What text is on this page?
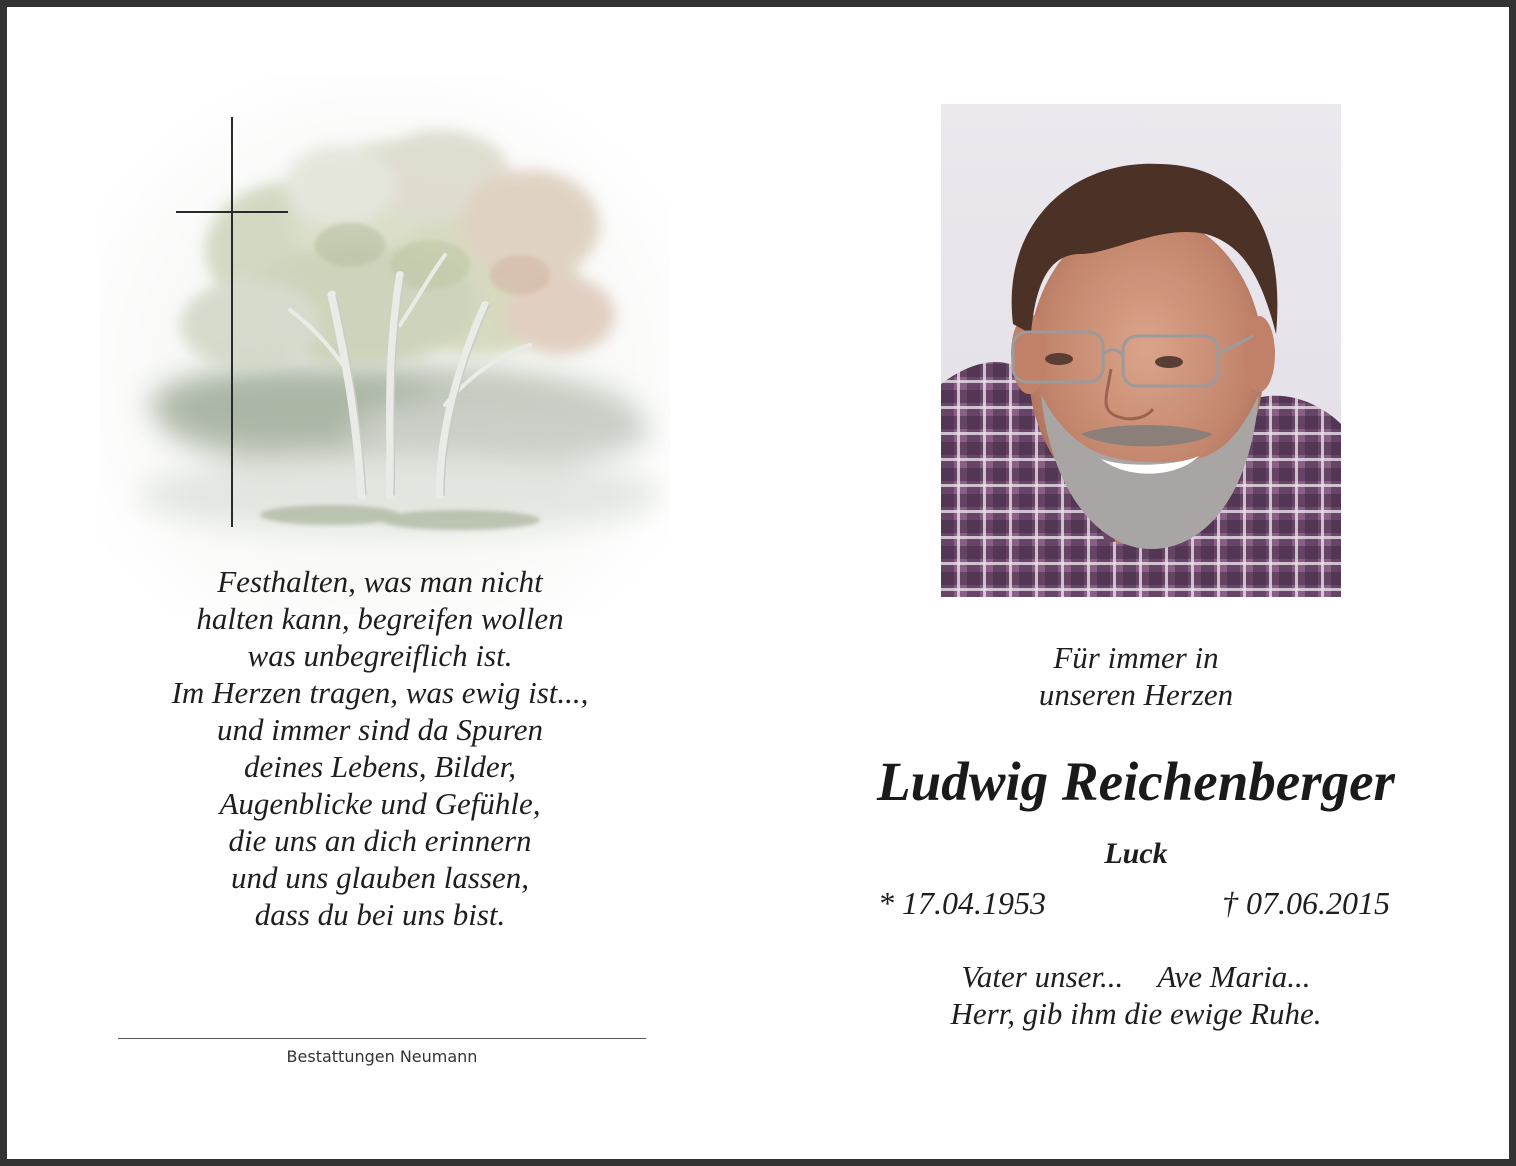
Festhalten, was man nicht
halten kann, begreifen wollen
was unbegreiflich ist.
Im Herzen tragen, was ewig ist...,
und immer sind da Spuren
deines Lebens, Bilder,
Augenblicke und Gefühle,
die uns an dich erinnern
und uns glauben lassen,
dass du bei uns bist.
Bestattungen Neumann
Für immer in
unseren Herzen
Ludwig Reichenberger
Luck
* 17.04.1953	† 07.06.2015
Vater unser... Ave Maria...
Herr, gib ihm die ewige Ruhe.
